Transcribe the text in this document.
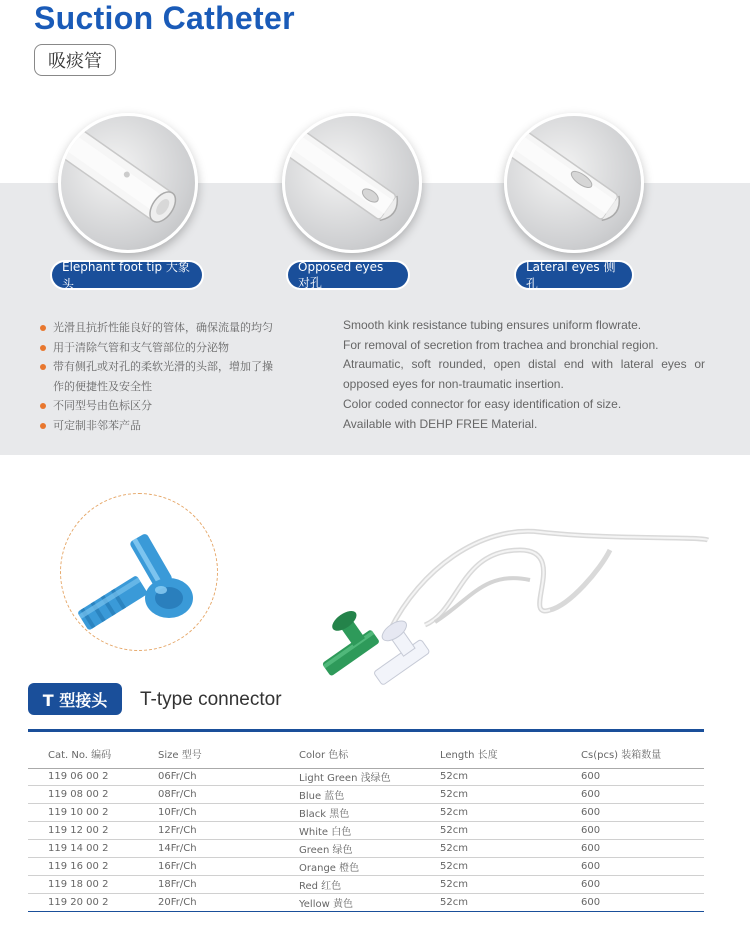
Suction Catheter
吸痰管
Elephant foot tip 大象头
Opposed eyes 对孔
Lateral eyes 侧孔
光滑且抗折性能良好的管体，确保流量的均匀
用于清除气管和支气管部位的分泌物
带有侧孔或对孔的柔软光滑的头部，增加了操
作的便捷性及安全性
不同型号由色标区分
可定制非邻苯产品

Smooth kink resistance tubing ensures uniform flowrate.

For removal of secretion from trachea and bronchial region.

Atraumatic, soft rounded, open distal end with lateral eyes or opposed eyes for non-traumatic insertion.

Color coded connector for easy identification of size.

Available with DEHP FREE Material.

T 型接头	T-type connector
Cat. No. 编码	Size 型号	Color 色标	Length 长度	Cs(pcs) 装箱数量
119 06 00 2	06Fr/Ch	Light Green 浅绿色	52cm	600
119 08 00 2	08Fr/Ch	Blue 蓝色	52cm	600
119 10 00 2	10Fr/Ch	Black 黑色	52cm	600
119 12 00 2	12Fr/Ch	White 白色	52cm	600
119 14 00 2	14Fr/Ch	Green 绿色	52cm	600
119 16 00 2	16Fr/Ch	Orange 橙色	52cm	600
119 18 00 2	18Fr/Ch	Red 红色	52cm	600
119 20 00 2	20Fr/Ch	Yellow 黄色	52cm	600
